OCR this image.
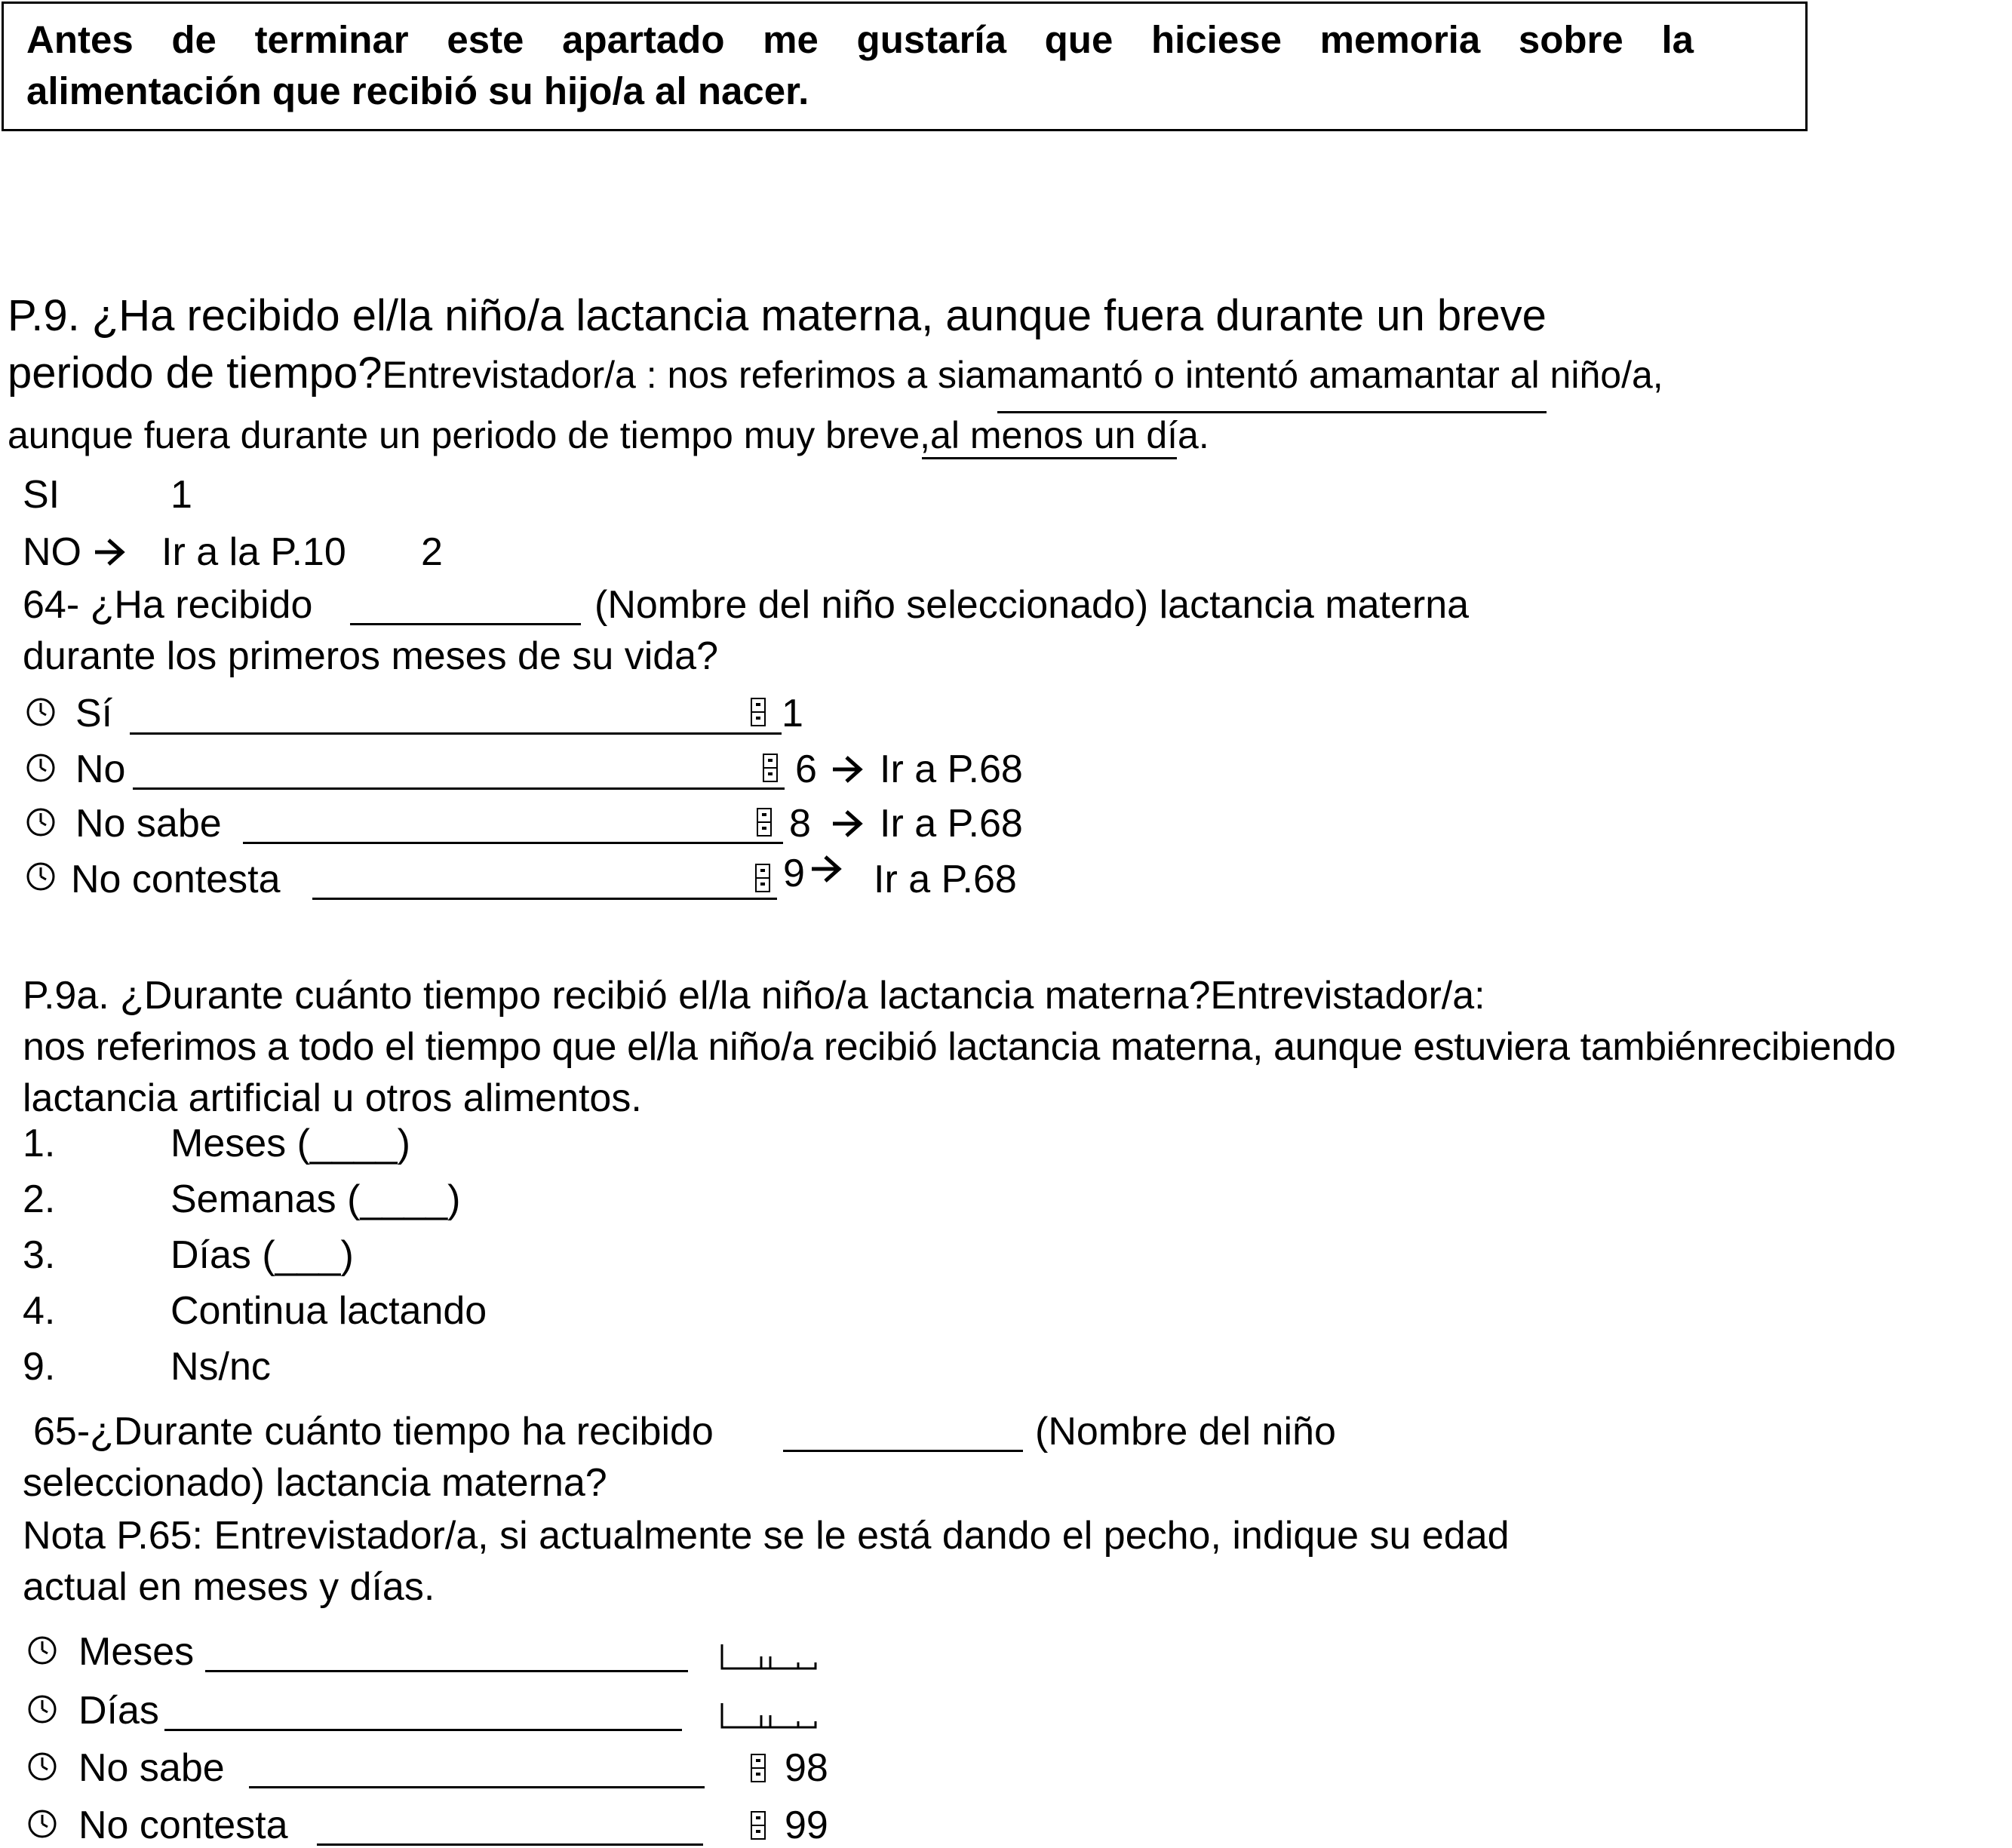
Antes de terminar este apartado me gustaría que hiciese memoria sobre la
alimentación que recibió su hijo/a al nacer.
P.9. ¿Ha recibido el/la niño/a lactancia materna, aunque fuera durante un breve
periodo de tiempo?Entrevistador/a : nos referimos a siamamantó o intentó amamantar al niño/a,
aunque fuera durante un periodo de tiempo muy breve,al menos un día.
SI	1
NO Ir a la P.10 2
64- ¿Ha recibido	(Nombre del niño seleccionado) lactancia materna
durante los primeros meses de su vida?
Sí	1
No	6 Ir a P.68
No sabe	8 Ir a P.68
No contesta	9 Ir a P.68
P.9a. ¿Durante cuánto tiempo recibió el/la niño/a lactancia materna?Entrevistador/a:
nos referimos a todo el tiempo que el/la niño/a recibió lactancia materna, aunque estuviera tambiénrecibiendo
lactancia artificial u otros alimentos.
1.	Meses (____)
2.	Semanas (____)
3.	Días (___)
4.	Continua lactando
9.	Ns/nc
65-¿Durante cuánto tiempo ha recibido	(Nombre del niño
seleccionado) lactancia materna?
Nota P.65: Entrevistador/a, si actualmente se le está dando el pecho, indique su edad
actual en meses y días.
Meses
Días
No sabe	98
No contesta	99
